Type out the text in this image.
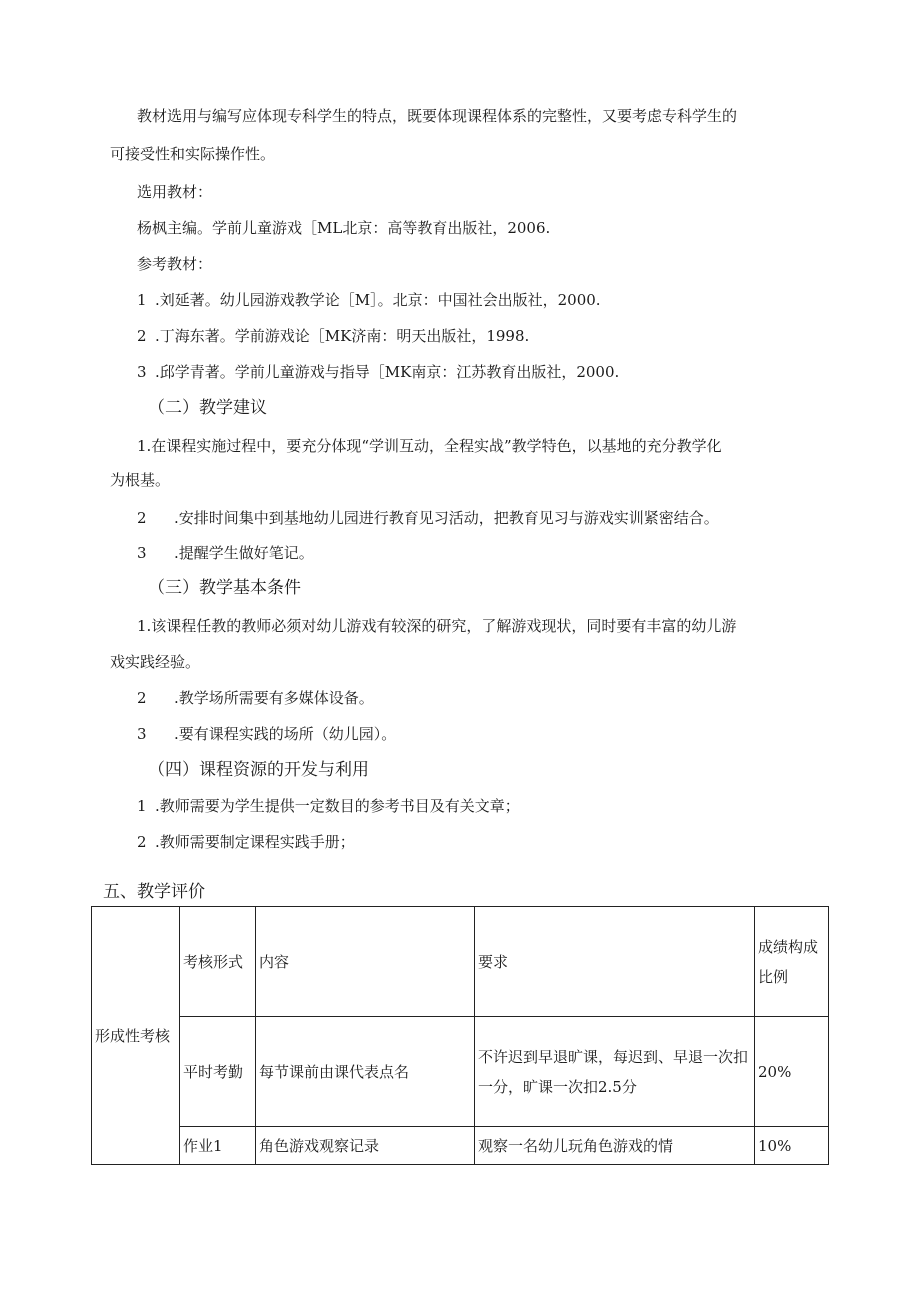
教材选用与编写应体现专科学生的特点，既要体现课程体系的完整性，又要考虑专科学生的
可接受性和实际操作性。
选用教材：
杨枫主编。学前儿童游戏［ML北京：高等教育出版社，2006.
参考教材：
1 .刘延著。幼儿园游戏教学论［M］。北京：中国社会出版社，2000.
2 .丁海东著。学前游戏论［MK济南：明天出版社，1998.
3 .邱学青著。学前儿童游戏与指导［MK南京：江苏教育出版社，2000.
（二）教学建议
1.在课程实施过程中，要充分体现“学训互动，全程实战”教学特色，以基地的充分教学化
为根基。
2 .安排时间集中到基地幼儿园进行教育见习活动，把教育见习与游戏实训紧密结合。
3 .提醒学生做好笔记。
（三）教学基本条件
1.该课程任教的教师必须对幼儿游戏有较深的研究，了解游戏现状，同时要有丰富的幼儿游
戏实践经验。
2 .教学场所需要有多媒体设备。
3 .要有课程实践的场所（幼儿园）。
（四）课程资源的开发与利用
1 .教师需要为学生提供一定数目的参考书目及有关文章；
2 .教师需要制定课程实践手册；
五、教学评价
形成性考核	考核形式	内容	要求	成绩构成比例
	平时考勤	每节课前由课代表点名	不许迟到早退旷课，每迟到、早退一次扣一分，旷课一次扣2.5分	20%
	作业1	角色游戏观察记录	观察一名幼儿玩角色游戏的情	10%
